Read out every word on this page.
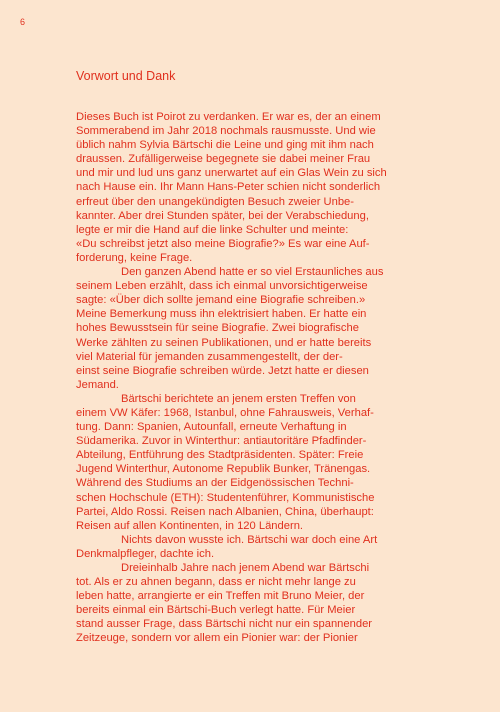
6
Vorwort und Dank
Dieses Buch ist Poirot zu verdanken. Er war es, der an einem
Sommerabend im Jahr 2018 nochmals rausmusste. Und wie
üblich nahm Sylvia Bärtschi die Leine und ging mit ihm nach
draussen. Zufälligerweise begegnete sie dabei meiner Frau
und mir und lud uns ganz unerwartet auf ein Glas Wein zu sich
nach Hause ein. Ihr Mann Hans-Peter schien nicht sonderlich
erfreut über den unangekündigten Besuch zweier Unbe-
kannter. Aber drei Stunden später, bei der Verabschiedung,
legte er mir die Hand auf die linke Schulter und meinte:
«Du schreibst jetzt also meine Biografie?» Es war eine Auf-
forderung, keine Frage.
Den ganzen Abend hatte er so viel Erstaunliches aus
seinem Leben erzählt, dass ich einmal unvorsichtigerweise
sagte: «Über dich sollte jemand eine Biografie schreiben.»
Meine Bemerkung muss ihn elektrisiert haben. Er hatte ein
hohes Bewusstsein für seine Biografie. Zwei biografische
Werke zählten zu seinen Publikationen, und er hatte bereits
viel Material für jemanden zusammengestellt, der der-
einst seine Biografie schreiben würde. Jetzt hatte er diesen
Jemand.
Bärtschi berichtete an jenem ersten Treffen von
einem VW Käfer: 1968, Istanbul, ohne Fahrausweis, Verhaf-
tung. Dann: Spanien, Autounfall, erneute Verhaftung in
Südamerika. Zuvor in Winterthur: antiautoritäre Pfadfinder-
Abteilung, Entführung des Stadtpräsidenten. Später: Freie
Jugend Winterthur, Autonome Republik Bunker, Tränengas.
Während des Studiums an der Eidgenössischen Techni-
schen Hochschule (ETH): Studentenführer, Kommunistische
Partei, Aldo Rossi. Reisen nach Albanien, China, überhaupt:
Reisen auf allen Kontinenten, in 120 Ländern.
Nichts davon wusste ich. Bärtschi war doch eine Art
Denkmalpfleger, dachte ich.
Dreieinhalb Jahre nach jenem Abend war Bärtschi
tot. Als er zu ahnen begann, dass er nicht mehr lange zu
leben hatte, arrangierte er ein Treffen mit Bruno Meier, der
bereits einmal ein Bärtschi-Buch verlegt hatte. Für Meier
stand ausser Frage, dass Bärtschi nicht nur ein spannender
Zeitzeuge, sondern vor allem ein Pionier war: der Pionier
